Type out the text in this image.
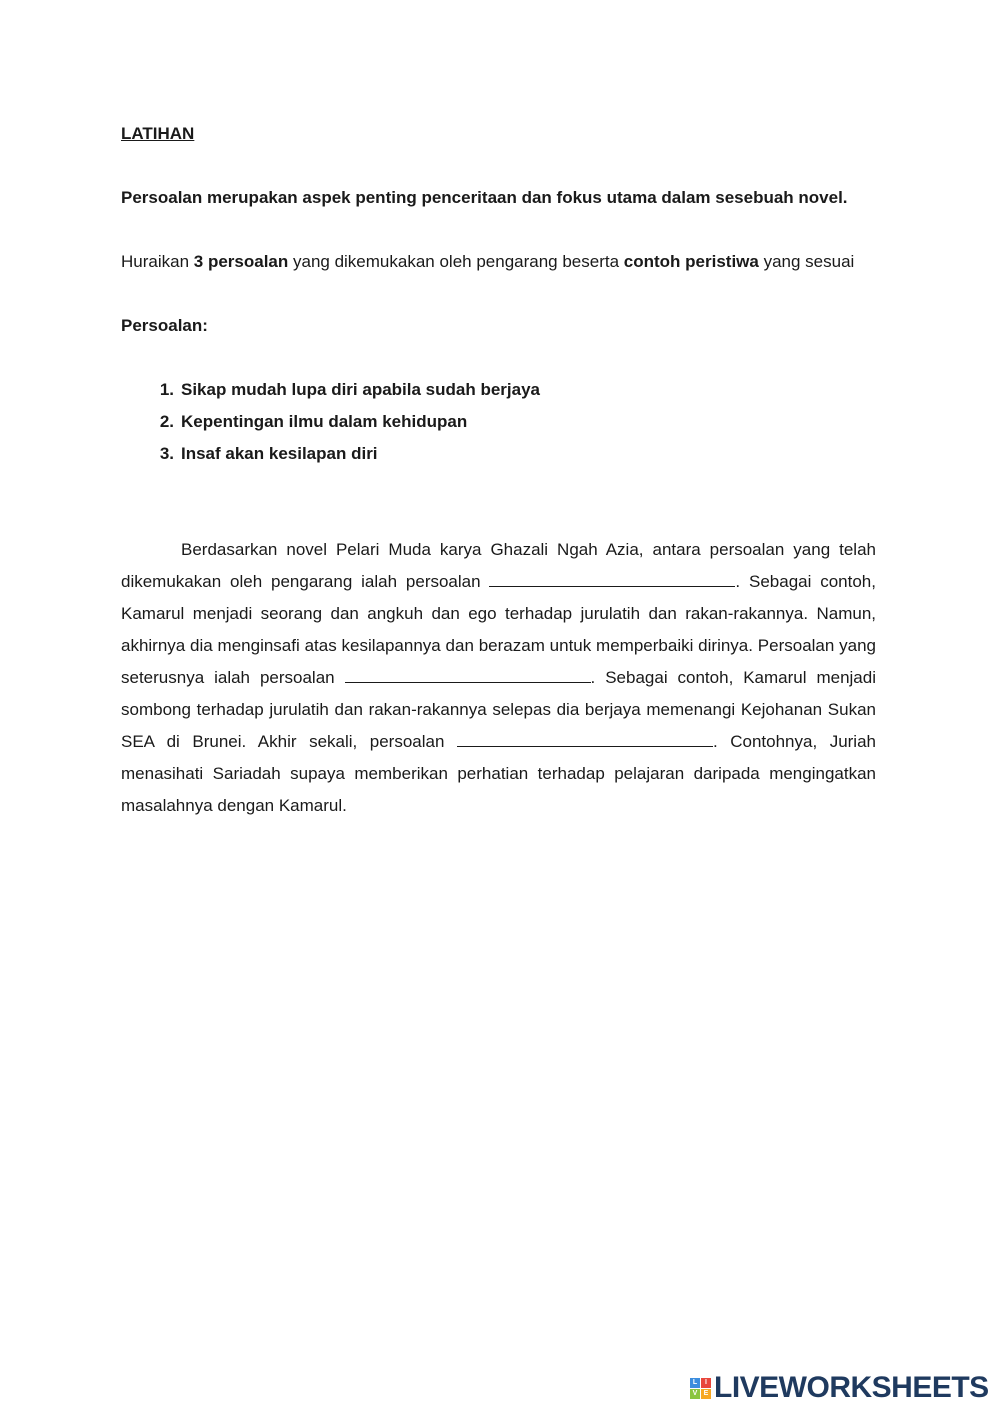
LATIHAN

Persoalan merupakan aspek penting penceritaan dan fokus utama dalam sesebuah novel.

Huraikan 3 persoalan yang dikemukakan oleh pengarang beserta contoh peristiwa yang sesuai

Persoalan:

1. Sikap mudah lupa diri apabila sudah berjaya
2. Kepentingan ilmu dalam kehidupan
3. Insaf akan kesilapan diri

Berdasarkan novel Pelari Muda karya Ghazali Ngah Azia, antara persoalan yang telah dikemukakan oleh pengarang ialah persoalan	. Sebagai contoh, Kamarul menjadi seorang dan angkuh dan ego terhadap jurulatih dan rakan-rakannya. Namun, akhirnya dia menginsafi atas kesilapannya dan berazam untuk memperbaiki dirinya. Persoalan yang seterusnya ialah persoalan	. Sebagai contoh, Kamarul menjadi sombong terhadap jurulatih dan rakan-rakannya selepas dia berjaya memenangi Kejohanan Sukan SEA di Brunei. Akhir sekali, persoalan	. Contohnya, Juriah menasihati Sariadah supaya memberikan perhatian terhadap pelajaran daripada mengingatkan masalahnya dengan Kamarul.

L	I
V E LIVEWORKSHEETS
